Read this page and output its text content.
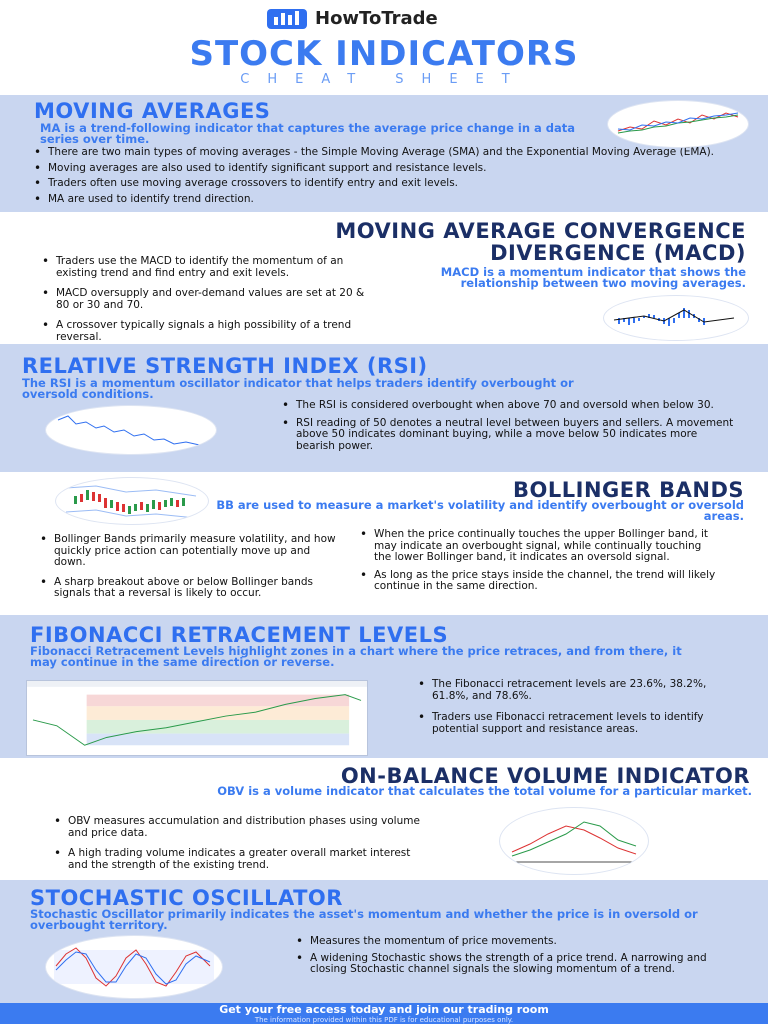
HowToTrade
STOCK INDICATORS
CHEAT SHEET
MOVING AVERAGES
MA is a trend-following indicator that captures the average price change in a data series over time.
• There are two main types of moving averages - the Simple Moving Average (SMA) and the Exponential Moving Average (EMA).
• Moving averages are also used to identify significant support and resistance levels.
• Traders often use moving average crossovers to identify entry and exit levels.
• MA are used to identify trend direction.
MOVING AVERAGE CONVERGENCE
DIVERGENCE (MACD)
MACD is a momentum indicator that shows the relationship between two moving averages.
• Traders use the MACD to identify the momentum of an existing trend and find entry and exit levels.
• MACD oversupply and over-demand values are set at 20 & 80 or 30 and 70.
• A crossover typically signals a high possibility of a trend reversal.
RELATIVE STRENGTH INDEX (RSI)
The RSI is a momentum oscillator indicator that helps traders identify overbought or oversold conditions.
• The RSI is considered overbought when above 70 and oversold when below 30.
• RSI reading of 50 denotes a neutral level between buyers and sellers. A movement above 50 indicates dominant buying, while a move below 50 indicates more bearish power.
BOLLINGER BANDS
BB are used to measure a market's volatility and identify overbought or oversold areas.
• Bollinger Bands primarily measure volatility, and how quickly price action can potentially move up and down.
• A sharp breakout above or below Bollinger bands signals that a reversal is likely to occur.
• When the price continually touches the upper Bollinger band, it may indicate an overbought signal, while continually touching the lower Bollinger band, it indicates an oversold signal.
• As long as the price stays inside the channel, the trend will likely continue in the same direction.
FIBONACCI RETRACEMENT LEVELS
Fibonacci Retracement Levels highlight zones in a chart where the price retraces, and from there, it may continue in the same direction or reverse.
• The Fibonacci retracement levels are 23.6%, 38.2%, 61.8%, and 78.6%.
• Traders use Fibonacci retracement levels to identify potential support and resistance areas.
ON-BALANCE VOLUME INDICATOR
OBV is a volume indicator that calculates the total volume for a particular market.
• OBV measures accumulation and distribution phases using volume and price data.
• A high trading volume indicates a greater overall market interest and the strength of the existing trend.
STOCHASTIC OSCILLATOR
Stochastic Oscillator primarily indicates the asset's momentum and whether the price is in oversold or overbought territory.
• Measures the momentum of price movements.
• A widening Stochastic shows the strength of a price trend. A narrowing and closing Stochastic channel signals the slowing momentum of a trend.
Get your free access today and join our trading room
The information provided within this PDF is for educational purposes only.
